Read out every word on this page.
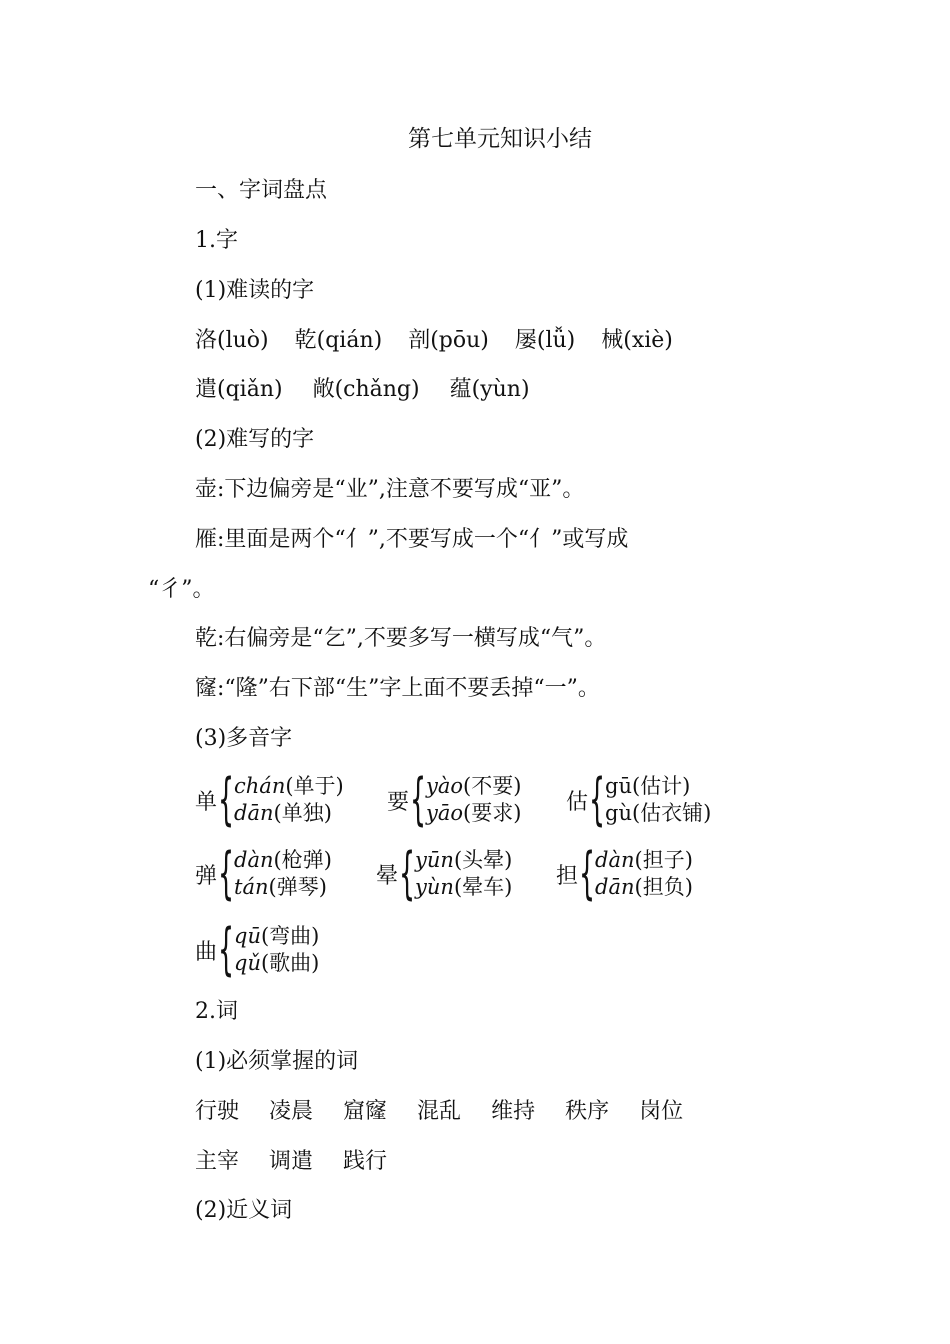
第七单元知识小结
一、字词盘点
1.字
(1)难读的字
洛(luò) 乾(qián) 剖(pōu) 屡(lǚ) 械(xiè)
遣(qiǎn) 敞(chǎng) 蕴(yùn)
(2)难写的字
壶:下边偏旁是“业”,注意不要写成“亚”。
雁:里面是两个“亻”,不要写成一个“亻”或写成
“彳”。
乾:右偏旁是“乞”,不要多写一横写成“气”。
窿:“隆”右下部“生”字上面不要丢掉“一”。
(3)多音字
单 { chán(单于)
dān(单独)	要 { yào(不要)
yāo(要求) 估 { gū(估计)
gù(估衣铺)
弹 { dàn(枪弹)
tán(弹琴) 晕 { yūn(头晕)
yùn(晕车) 担 { dàn(担子)
dān(担负)
曲 { qū(弯曲)
qǔ(歌曲)
2.词
(1)必须掌握的词
行驶 凌晨 窟窿 混乱 维持 秩序 岗位
主宰 调遣 践行
(2)近义词
